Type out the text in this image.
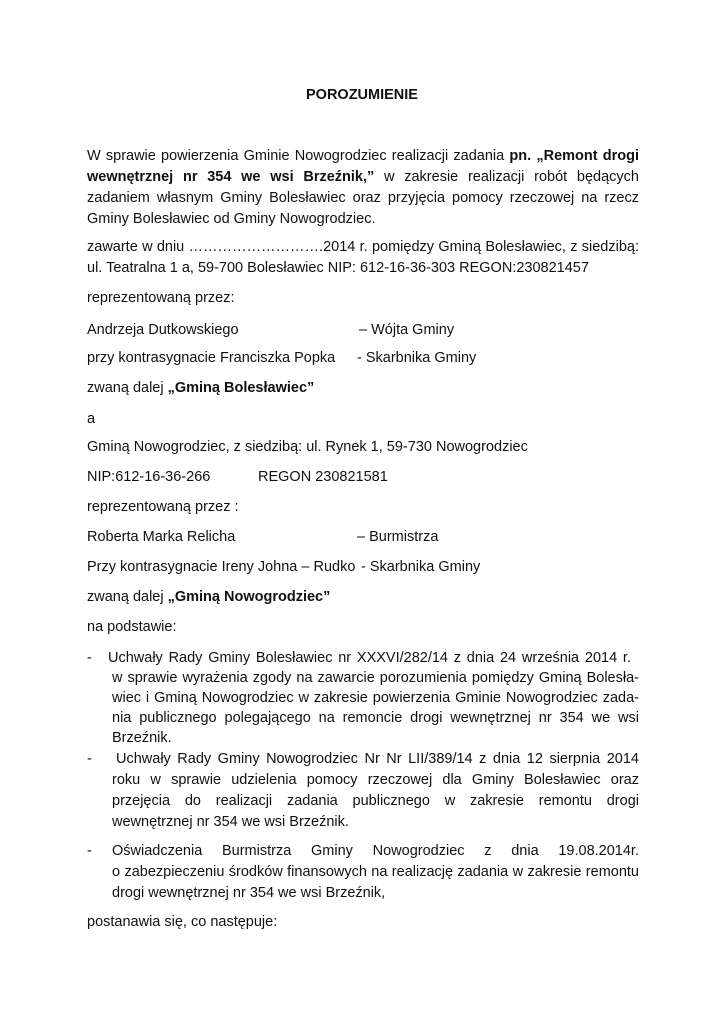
POROZUMIENIE
W sprawie powierzenia Gminie Nowogrodziec realizacji zadania pn. „Remont drogi
wewnętrznej nr 354 we wsi Brzeźnik,” w zakresie realizacji robót będących
zadaniem własnym Gminy Bolesławiec oraz przyjęcia pomocy rzeczowej na rzecz
Gminy Bolesławiec od Gminy Nowogrodziec.
zawarte w dniu ……………………….2014 r. pomiędzy Gminą Bolesławiec, z siedzibą:
ul. Teatralna 1 a, 59-700 Bolesławiec NIP: 612-16-36-303 REGON:230821457
reprezentowaną przez:
Andrzeja Dutkowskiego	– Wójta Gminy
przy kontrasygnacie Franciszka Popka	- Skarbnika Gminy
zwaną dalej „Gminą Bolesławiec”
a
Gminą Nowogrodziec, z siedzibą: ul. Rynek 1, 59-730 Nowogrodziec
NIP:612-16-36-266	REGON 230821581
reprezentowaną przez :
Roberta Marka Relicha	– Burmistrza
Przy kontrasygnacie Ireny Johna – Rudko - Skarbnika Gminy
zwaną dalej „Gminą Nowogrodziec”
na podstawie:
- Uchwały Rady Gminy Bolesławiec nr XXXVI/282/14 z dnia 24 września 2014 r.
w sprawie wyrażenia zgody na zawarcie porozumienia pomiędzy Gminą Bolesła-
wiec i Gminą Nowogrodziec w zakresie powierzenia Gminie Nowogrodziec zada-
nia publicznego polegającego na remoncie drogi wewnętrznej nr 354 we wsi
Brzeźnik.
- Uchwały Rady Gminy Nowogrodziec Nr Nr LII/389/14 z dnia 12 sierpnia 2014
roku w sprawie udzielenia pomocy rzeczowej dla Gminy Bolesławiec oraz
przejęcia do realizacji zadania publicznego w zakresie remontu drogi
wewnętrznej nr 354 we wsi Brzeźnik.
- Oświadczenia Burmistrza Gminy Nowogrodziec z dnia 19.08.2014r.
o zabezpieczeniu środków finansowych na realizację zadania w zakresie remontu
drogi wewnętrznej nr 354 we wsi Brzeźnik,
postanawia się, co następuje:
